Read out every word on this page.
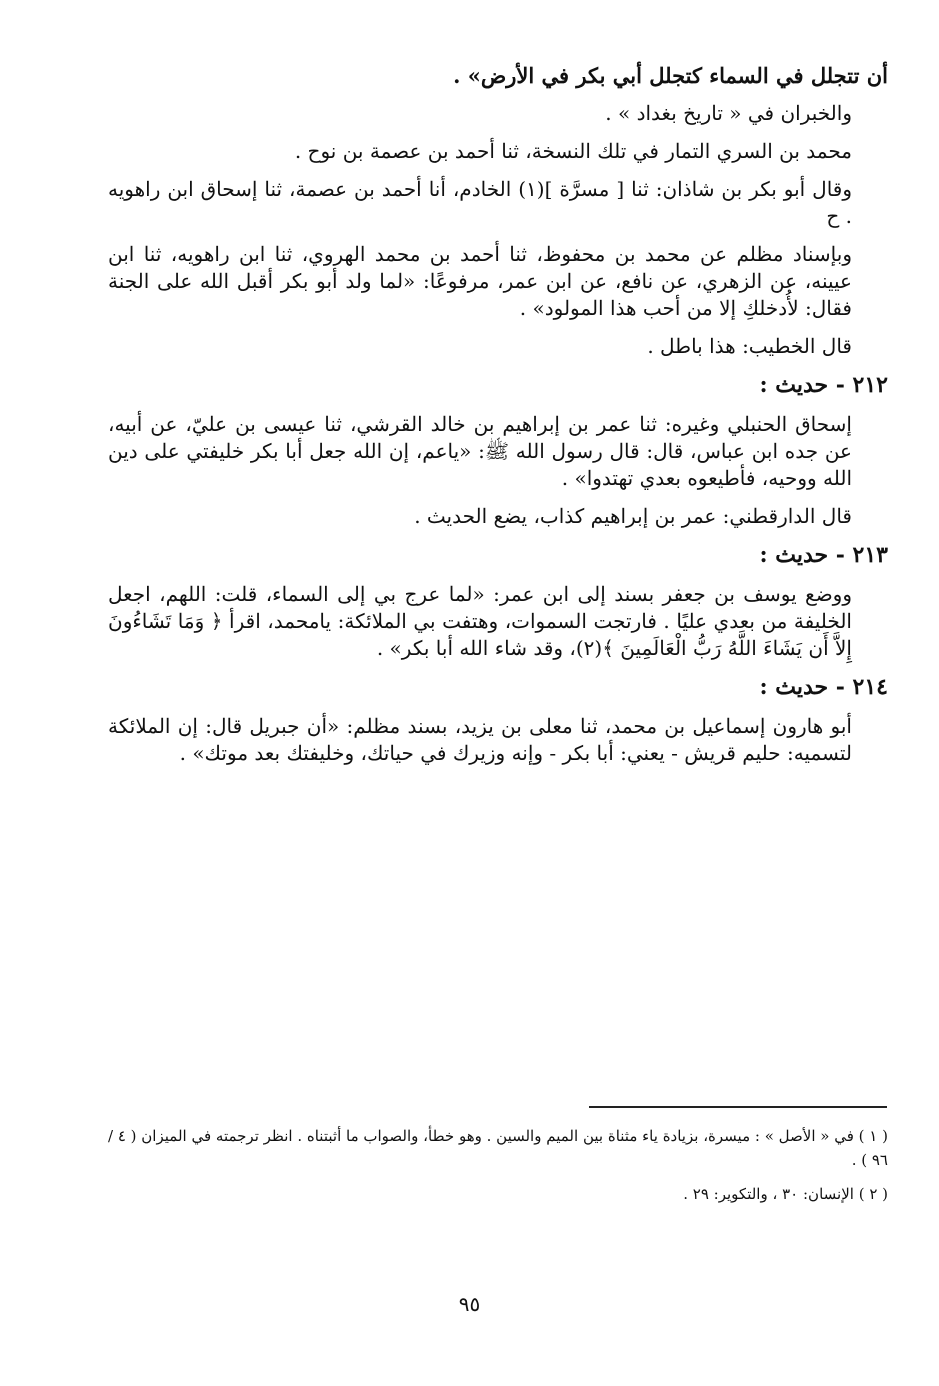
أن تتجلل في السماء كتجلل أبي بكر في الأرض» .

والخبران في « تاريخ بغداد » .

محمد بن السري التمار في تلك النسخة، ثنا أحمد بن عصمة بن نوح .

وقال أبو بكر بن شاذان: ثنا [ مسرَّة ](١) الخادم، أنا أحمد بن عصمة، ثنا إسحاق ابن راهويه . ح

وبإسناد مظلم عن محمد بن محفوظ، ثنا أحمد بن محمد الهروي، ثنا ابن راهويه، ثنا ابن عيينه، عن الزهري، عن نافع، عن ابن عمر، مرفوعًا: «لما ولد أبو بكر أقبل الله على الجنة فقال: لأُدخلكِ إلا من أحب هذا المولود» .

قال الخطيب: هذا باطل .

٢١٢ - حديث :

إسحاق الحنبلي وغيره: ثنا عمر بن إبراهيم بن خالد القرشي، ثنا عيسى بن عليّ، عن أبيه، عن جده ابن عباس، قال: قال رسول الله ﷺ: «ياعم، إن الله جعل أبا بكر خليفتي على دين الله ووحيه، فأطيعوه بعدي تهتدوا» .

قال الدارقطني: عمر بن إبراهيم كذاب، يضع الحديث .

٢١٣ - حديث :

ووضع يوسف بن جعفر بسند إلى ابن عمر: «لما عرج بي إلى السماء، قلت: اللهم، اجعل الخليفة من بعدي عليًا . فارتجت السموات، وهتفت بي الملائكة: يامحمد، اقرأ ﴿ وَمَا تَشَاءُونَ إِلاَّ أَن يَشَاءَ اللَّهُ رَبُّ الْعَالَمِينَ ﴾(٢)، وقد شاء الله أبا بكر» .

٢١٤ - حديث :

أبو هارون إسماعيل بن محمد، ثنا معلى بن يزيد، بسند مظلم: «أن جبريل قال: إن الملائكة لتسميه: حليم قريش - يعني: أبا بكر - وإنه وزيرك في حياتك، وخليفتك بعد موتك» .

( ١ ) في « الأصل » : ميسرة، بزيادة ياء مثناة بين الميم والسين . وهو خطأ، والصواب ما أثبتناه . انظر ترجمته في الميزان ( ٤ / ٩٦ ) .

( ٢ ) الإنسان: ٣٠ ، والتكوير: ٢٩ .

٩٥
